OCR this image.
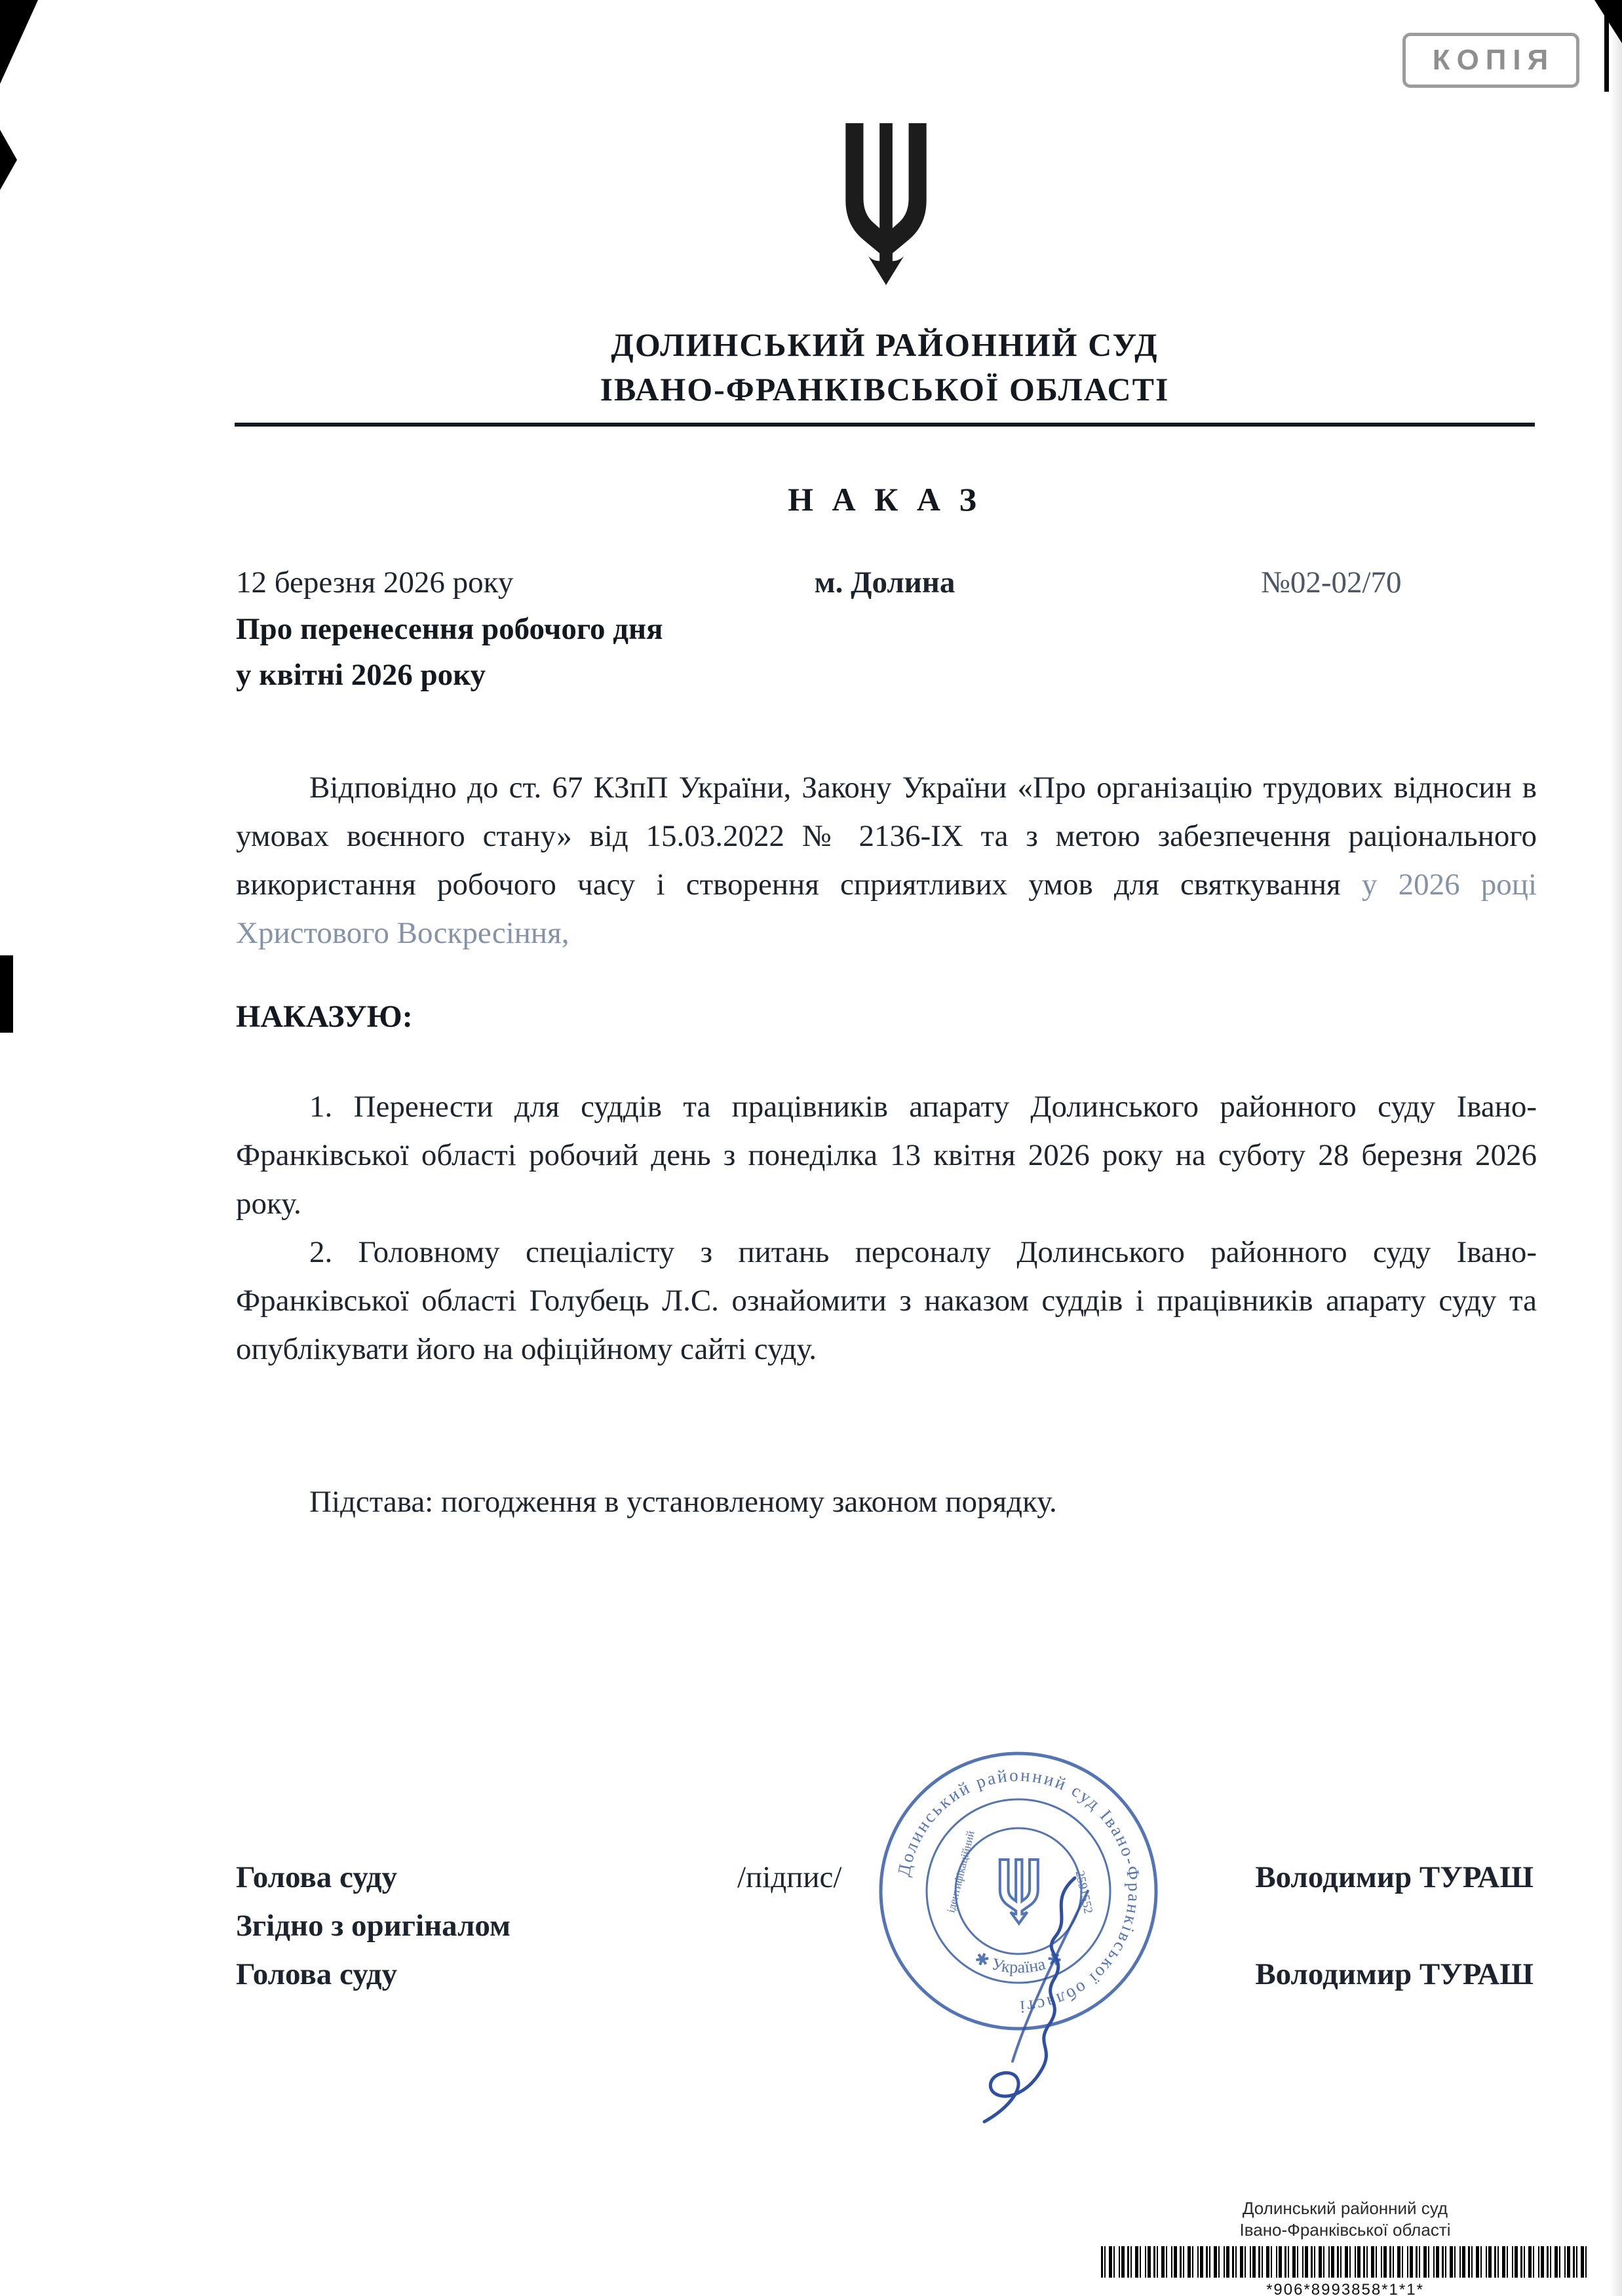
КОПІЯ
ДОЛИНСЬКИЙ РАЙОННИЙ СУД
ІВАНО-ФРАНКІВСЬКОЇ ОБЛАСТІ
Н А К А З
12 березня 2026 року	м. Долина	№02-02/70
Про перенесення робочого дня
у квітні 2026 року

Відповідно до ст. 67 КЗпП України, Закону України «Про організацію трудових відносин в умовах воєнного стану» від 15.03.2022 № 2136-ІХ та з метою забезпечення раціонального використання робочого часу і створення сприятливих умов для святкування у 2026 році Христового Воскресіння,

НАКАЗУЮ:

1. Перенести для суддів та працівників апарату Долинського районного суду Івано-Франківської області робочий день з понеділка 13 квітня 2026 року на суботу 28 березня 2026 року.

2. Головному спеціалісту з питань персоналу Долинського районного суду Івано-Франківської області Голубець Л.С. ознайомити з наказом суддів і працівників апарату суду та опублікувати його на офіційному сайті суду.

Підстава: погодження в установленому законом порядку.

Голова суду	/підпис/	Володимир ТУРАШ
Згідно з оригіналом
Голова суду	Володимир ТУРАШ
Долинський районний суд Івано-Франківської області
✱ Україна ✱
ідентифікаційний	2591552
Долинський районний суд
Івано-Франківської області
*906*8993858*1*1*
